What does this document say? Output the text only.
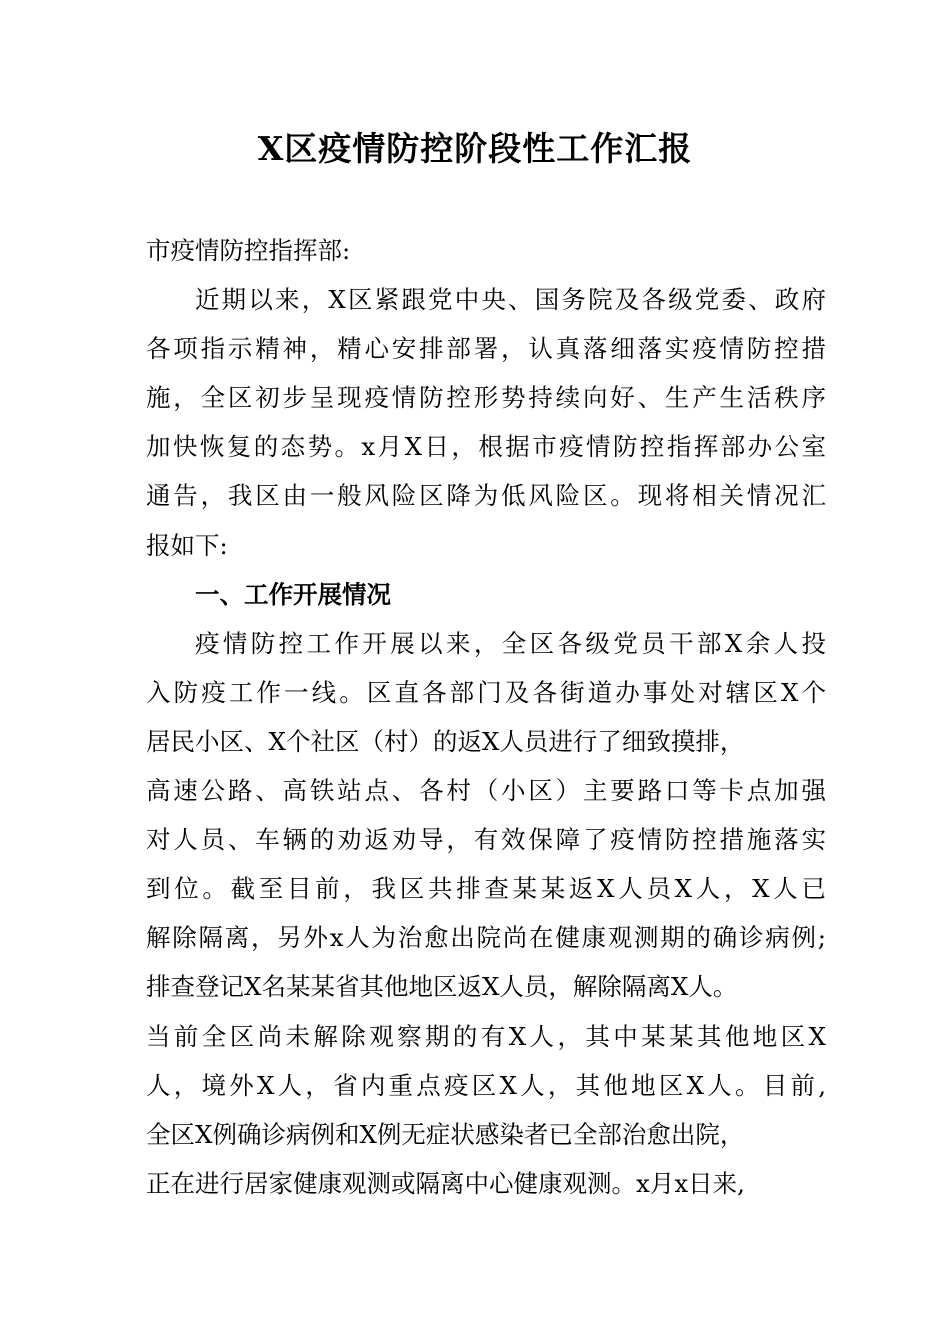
X区疫情防控阶段性工作汇报
市疫情防控指挥部:
近期以来，X区紧跟党中央、国务院及各级党委、政府
各项指示精神，精心安排部署，认真落细落实疫情防控措
施，全区初步呈现疫情防控形势持续向好、生产生活秩序
加快恢复的态势。x月X日，根据市疫情防控指挥部办公室
通告，我区由一般风险区降为低风险区。现将相关情况汇
报如下:
一、工作开展情况
疫情防控工作开展以来，全区各级党员干部X余人投
入防疫工作一线。区直各部门及各街道办事处对辖区X个
居民小区、X个社区（村）的返X人员进行了细致摸排，
高速公路、高铁站点、各村（小区）主要路口等卡点加强
对人员、车辆的劝返劝导，有效保障了疫情防控措施落实
到位。截至目前，我区共排查某某返X人员X人，X人已
解除隔离，另外x人为治愈出院尚在健康观测期的确诊病例;
排查登记X名某某省其他地区返X人员，解除隔离X人。
当前全区尚未解除观察期的有X人，其中某某其他地区X
人，境外X人，省内重点疫区X人，其他地区X人。目前,
全区X例确诊病例和X例无症状感染者已全部治愈出院，
正在进行居家健康观测或隔离中心健康观测。x月x日来,
